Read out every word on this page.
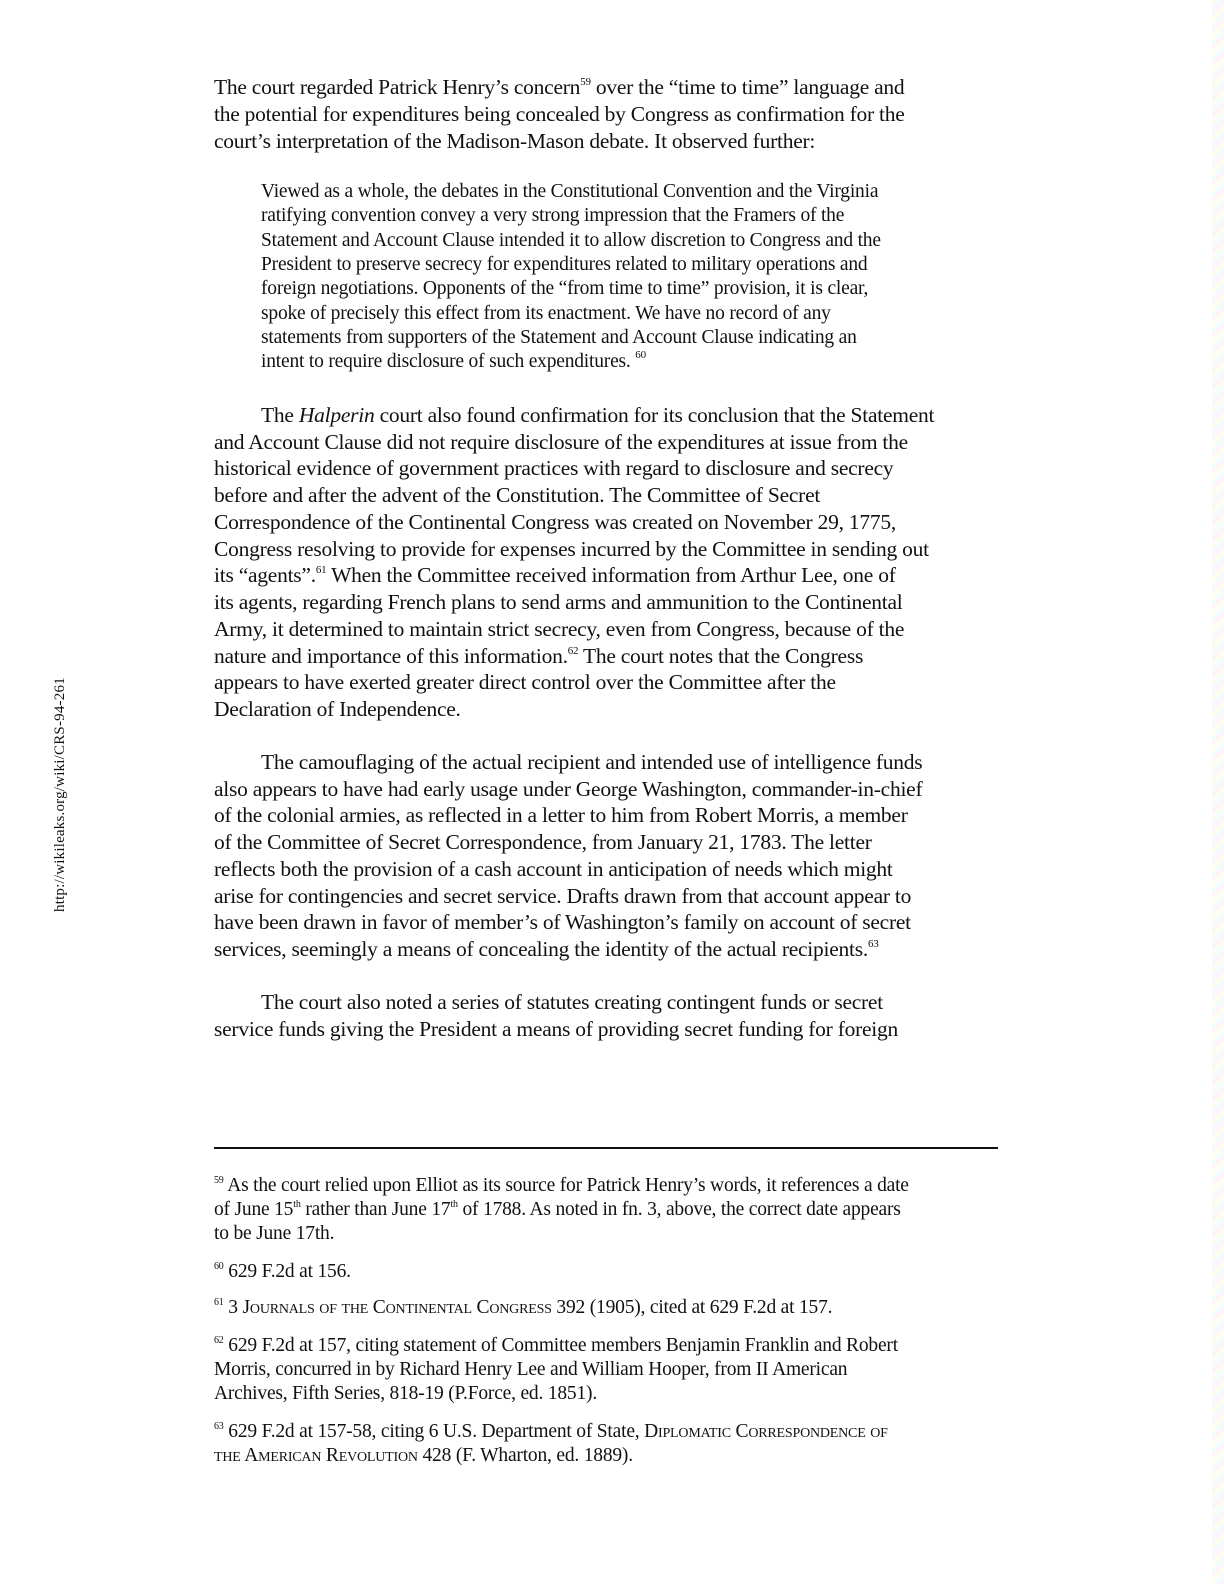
http://wikileaks.org/wiki/CRS-94-261
The court regarded Patrick Henry’s concern$^{59}$ over the “time to time” language and
the potential for expenditures being concealed by Congress as confirmation for the
court’s interpretation of the Madison-Mason debate. It observed further:
Viewed as a whole, the debates in the Constitutional Convention and the Virginia
ratifying convention convey a very strong impression that the Framers of the
Statement and Account Clause intended it to allow discretion to Congress and the
President to preserve secrecy for expenditures related to military operations and
foreign negotiations. Opponents of the “from time to time” provision, it is clear,
spoke of precisely this effect from its enactment. We have no record of any
statements from supporters of the Statement and Account Clause indicating an
intent to require disclosure of such expenditures. $^{60}$
The Halperin court also found confirmation for its conclusion that the Statement
and Account Clause did not require disclosure of the expenditures at issue from the
historical evidence of government practices with regard to disclosure and secrecy
before and after the advent of the Constitution. The Committee of Secret
Correspondence of the Continental Congress was created on November 29, 1775,
Congress resolving to provide for expenses incurred by the Committee in sending out
its “agents”.$^{61}$ When the Committee received information from Arthur Lee, one of
its agents, regarding French plans to send arms and ammunition to the Continental
Army, it determined to maintain strict secrecy, even from Congress, because of the
nature and importance of this information.$^{62}$ The court notes that the Congress
appears to have exerted greater direct control over the Committee after the
Declaration of Independence.
The camouflaging of the actual recipient and intended use of intelligence funds
also appears to have had early usage under George Washington, commander-in-chief
of the colonial armies, as reflected in a letter to him from Robert Morris, a member
of the Committee of Secret Correspondence, from January 21, 1783. The letter
reflects both the provision of a cash account in anticipation of needs which might
arise for contingencies and secret service. Drafts drawn from that account appear to
have been drawn in favor of member’s of Washington’s family on account of secret
services, seemingly a means of concealing the identity of the actual recipients.$^{63}$
The court also noted a series of statutes creating contingent funds or secret
service funds giving the President a means of providing secret funding for foreign
$^{59}$ As the court relied upon Elliot as its source for Patrick Henry’s words, it references a date
of June 15th rather than June 17th of 1788. As noted in fn. 3, above, the correct date appears
to be June 17th.
$^{60}$ 629 F.2d at 156.
$^{61}$ 3 Journals of the Continental Congress 392 (1905), cited at 629 F.2d at 157.
$^{62}$ 629 F.2d at 157, citing statement of Committee members Benjamin Franklin and Robert
Morris, concurred in by Richard Henry Lee and William Hooper, from II American
Archives, Fifth Series, 818-19 (P.Force, ed. 1851).
$^{63}$ 629 F.2d at 157-58, citing 6 U.S. Department of State, Diplomatic Correspondence of
the American Revolution 428 (F. Wharton, ed. 1889).
